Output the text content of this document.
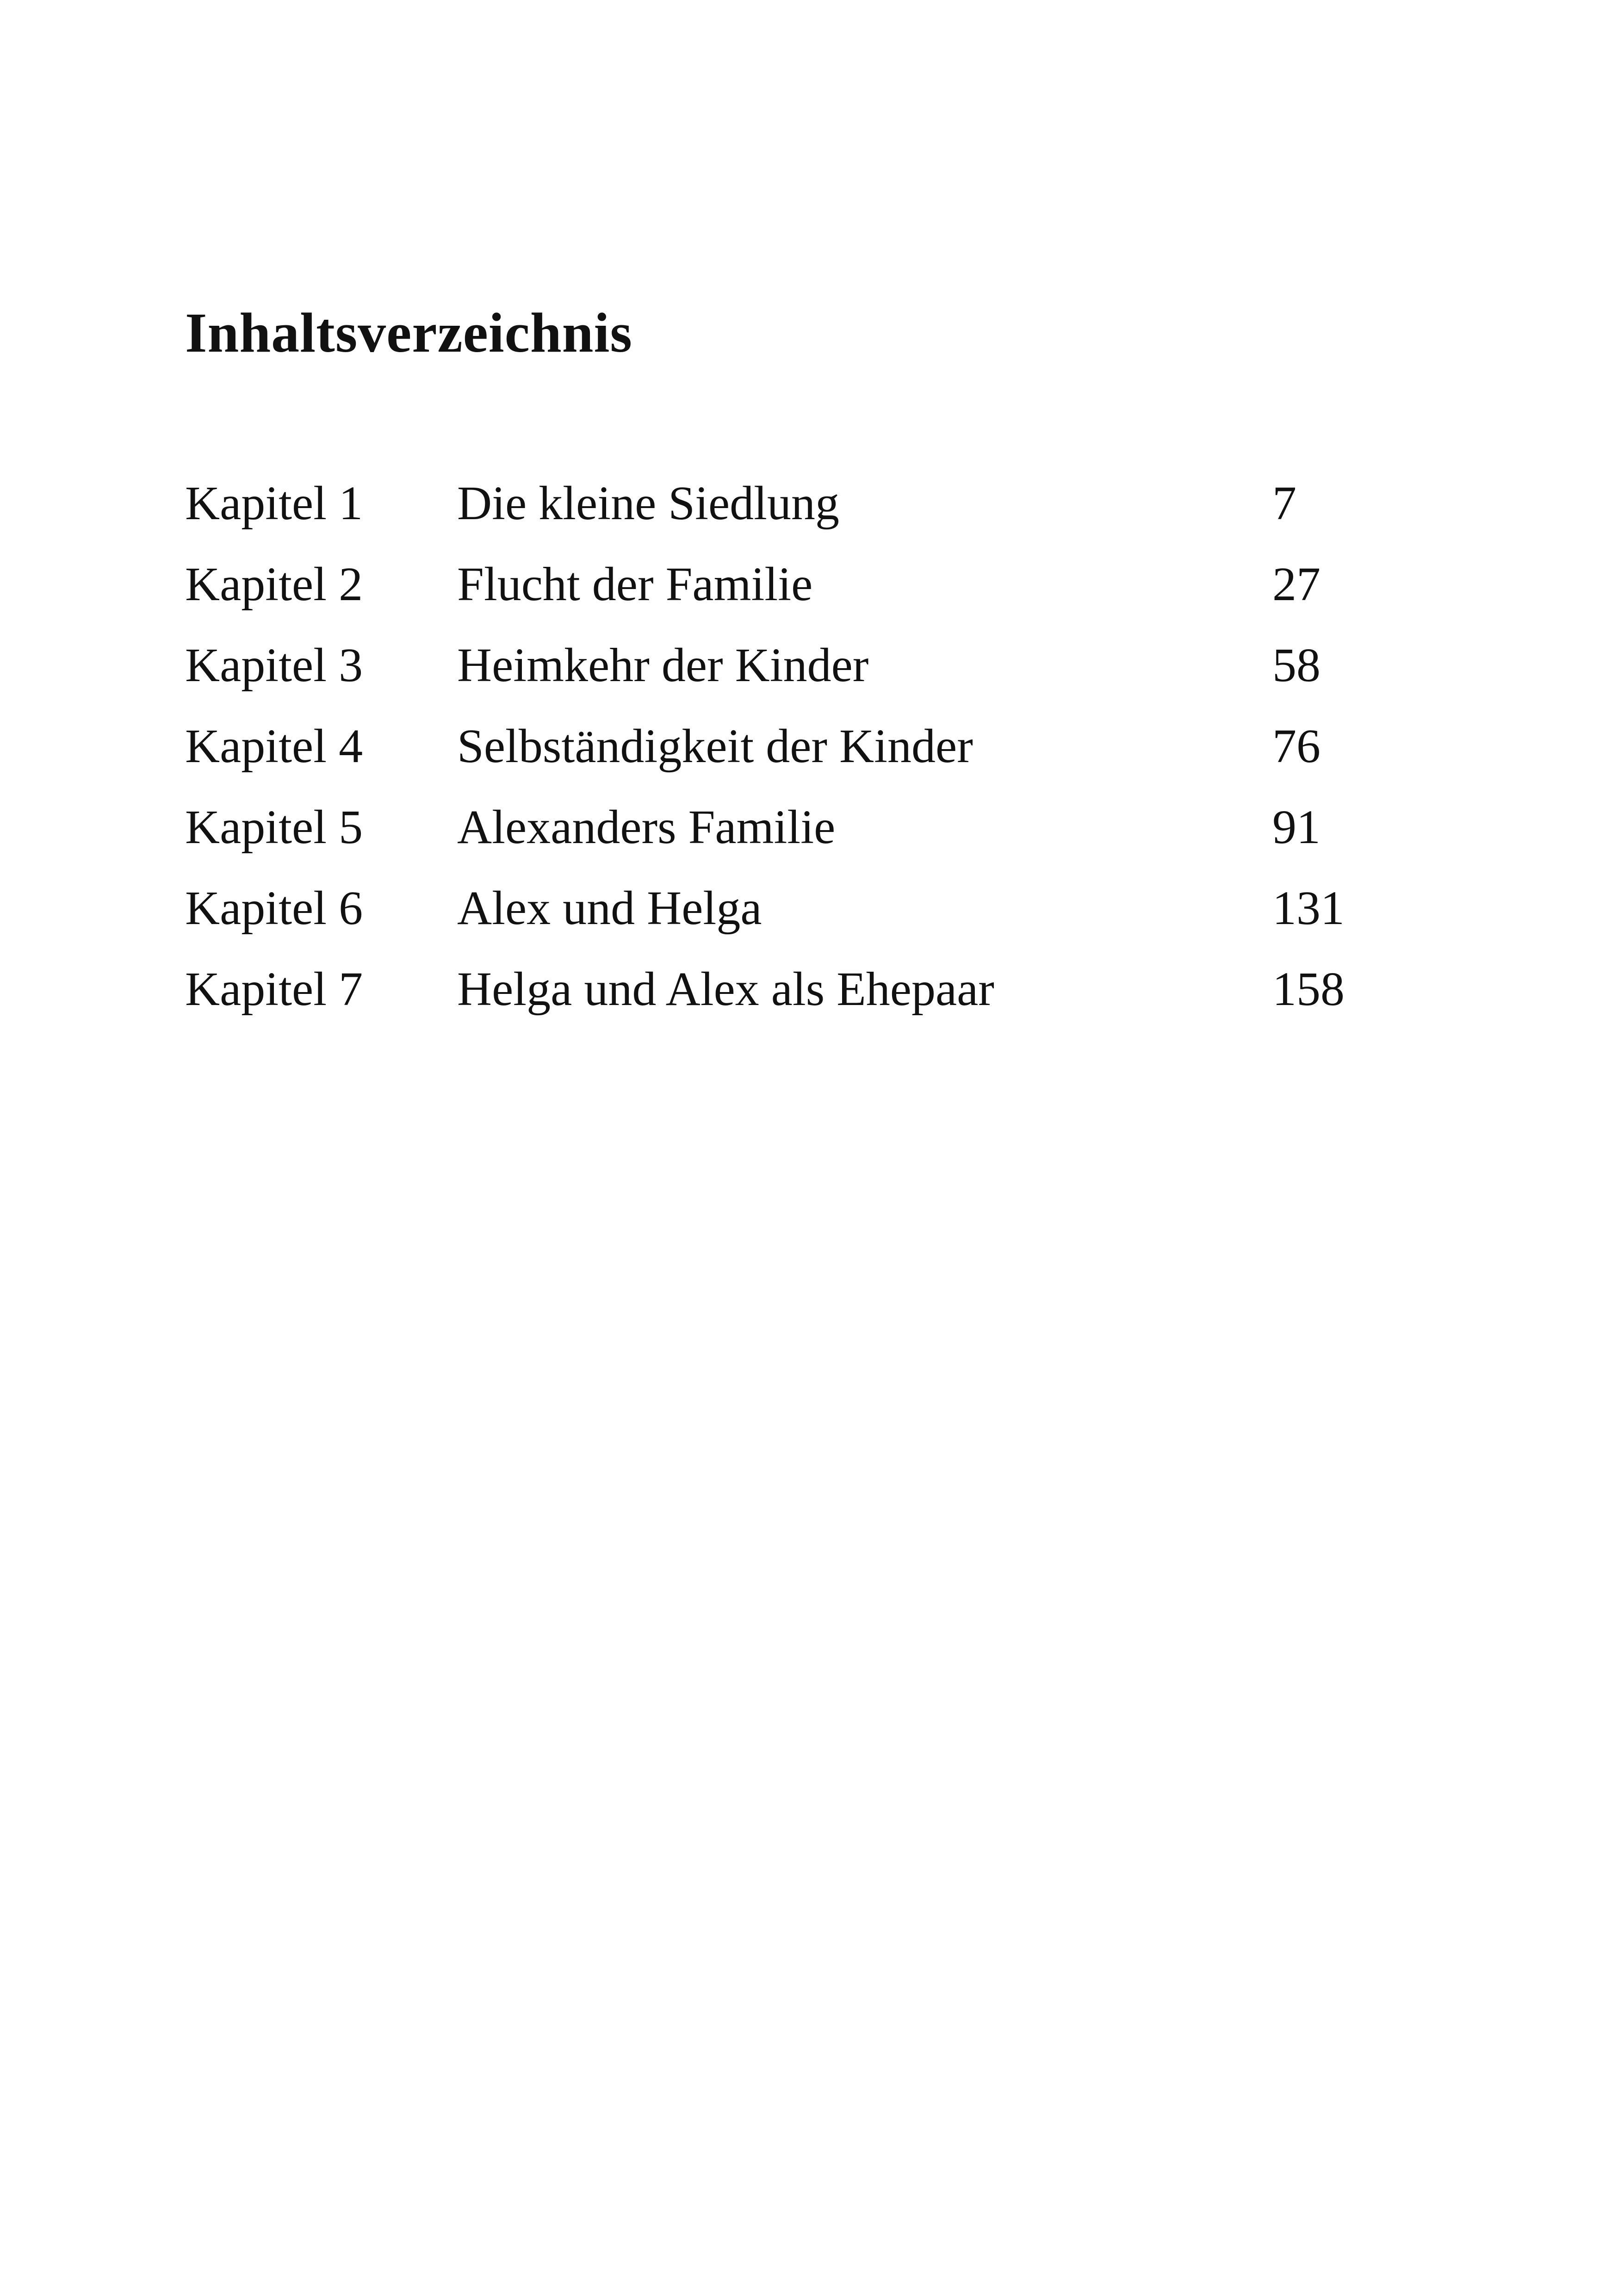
Inhaltsverzeichnis
Kapitel 1 Die kleine Siedlung	7
Kapitel 2 Flucht der Familie	27
Kapitel 3 Heimkehr der Kinder	58
Kapitel 4 Selbständigkeit der Kinder	76
Kapitel 5 Alexanders Familie	91
Kapitel 6 Alex und Helga	131
Kapitel 7 Helga und Alex als Ehepaar	158
